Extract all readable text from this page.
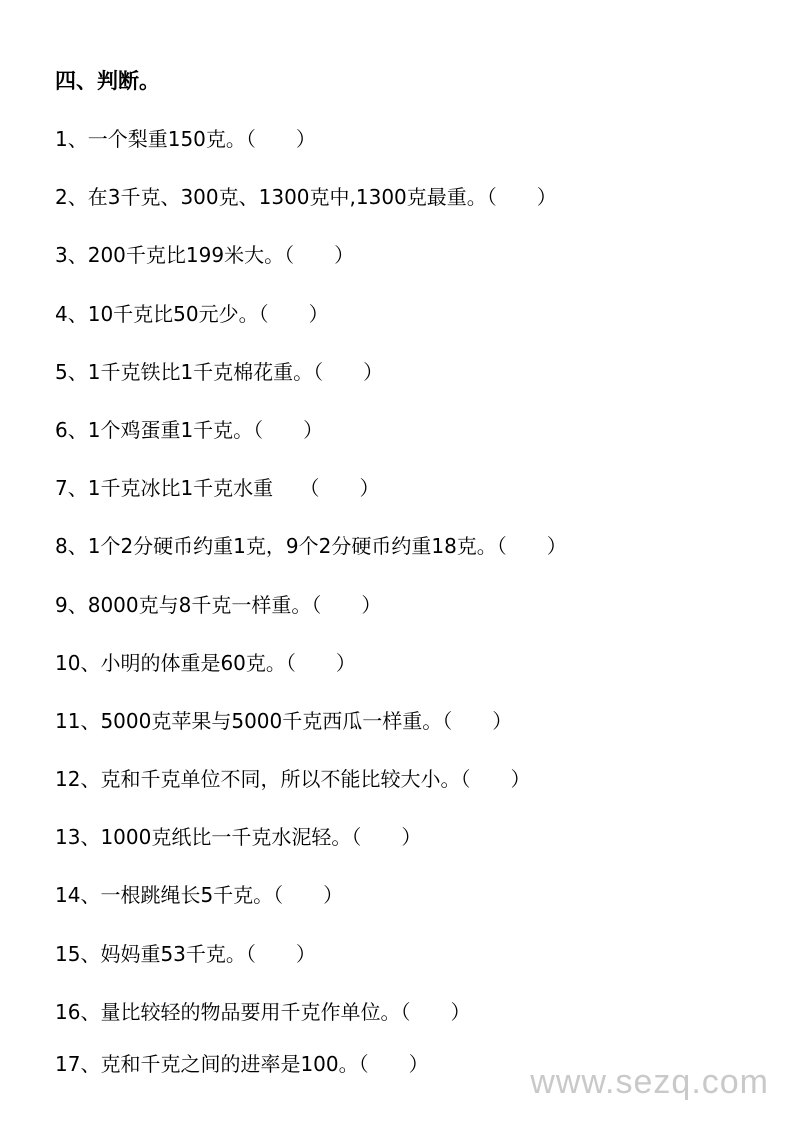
四、判断。
1、一个梨重150克。（　　）
2、在3千克、300克、1300克中,1300克最重。（　　）
3、200千克比199米大。（　　）
4、10千克比50元少。（　　）
5、1千克铁比1千克棉花重。（　　）
6、1个鸡蛋重1千克。（　　）
7、1千克冰比1千克水重　 （　　）
8、1个2分硬币约重1克，9个2分硬币约重18克。（　　）
9、8000克与8千克一样重。（　　）
10、小明的体重是60克。（　　）
11、5000克苹果与5000千克西瓜一样重。（　　）
12、克和千克单位不同，所以不能比较大小。（　　）
13、1000克纸比一千克水泥轻。（　　）
14、一根跳绳长5千克。（　　）
15、妈妈重53千克。（　　）
16、量比较轻的物品要用千克作单位。（　　）
17、克和千克之间的进率是100。（　　）	www.sezq.com
